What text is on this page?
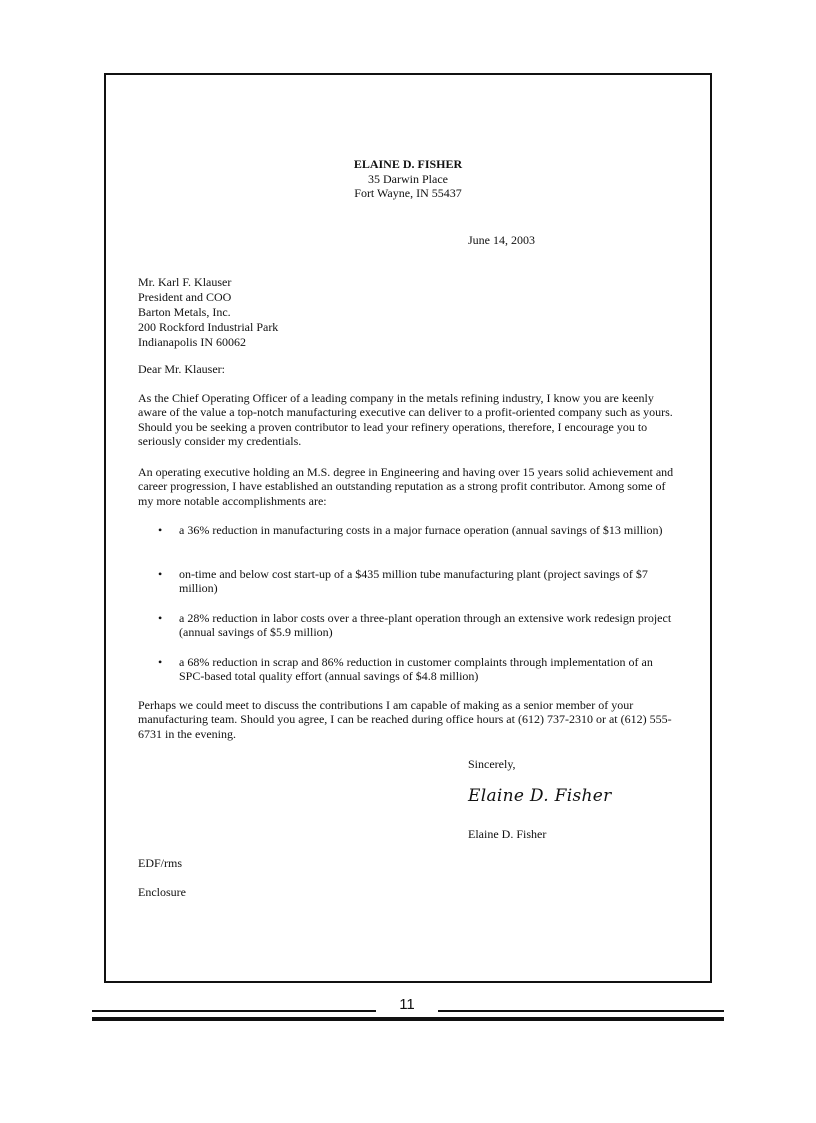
ELAINE D. FISHER
35 Darwin Place
Fort Wayne, IN 55437
June 14, 2003
Mr. Karl F. Klauser
President and COO
Barton Metals, Inc.
200 Rockford Industrial Park
Indianapolis IN 60062
Dear Mr. Klauser:
As the Chief Operating Officer of a leading company in the metals refining industry, I know you are keenly aware of the value a top-notch manufacturing executive can deliver to a profit-oriented company such as yours. Should you be seeking a proven contributor to lead your refinery operations, therefore, I encourage you to seriously consider my credentials.
An operating executive holding an M.S. degree in Engineering and having over 15 years solid achievement and career progression, I have established an outstanding reputation as a strong profit contributor. Among some of my more notable accomplishments are:
• a 36% reduction in manufacturing costs in a major furnace operation (annual savings of $13 million)
• on-time and below cost start-up of a $435 million tube manufacturing plant (project savings of $7 million)
• a 28% reduction in labor costs over a three-plant operation through an extensive work redesign project (annual savings of $5.9 million)
• a 68% reduction in scrap and 86% reduction in customer complaints through implementation of an SPC-based total quality effort (annual savings of $4.8 million)
Perhaps we could meet to discuss the contributions I am capable of making as a senior member of your manufacturing team. Should you agree, I can be reached during office hours at (612) 737-2310 or at (612) 555-6731 in the evening.
Sincerely,
Elaine D. Fisher
Elaine D. Fisher
EDF/rms
Enclosure
11
